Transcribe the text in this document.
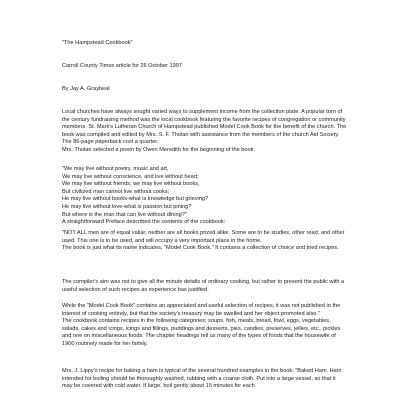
"The Hampstead Cookbook"

Carroll County Times article for 26 October 1997

By Jay A. Graybeal

Local churches have always sought varied ways to supplement income from the collection plate. A popular turn of the century fundraising method was the local cookbook featuring the favorite recipes of congregation or community members. St. Mark's Lutheran Church of Hampstead published Model Cook Book for the benefit of the church. The book was compiled and edited by Mrs. S. F. Tholan with assistance from the members of the church Aid Society. The 86-page paperback cost a quarter.

Mrs. Tholan selected a poem by Owen Meredith for the beginning of the book:

"We may live without poetry, music and art,
We may live without conscience, and live without heart;
We may live without friends; we may live without books,
But civilized man cannot live without cooks;
He may live without books-what is knowledge but grieving?
He may live without love-what is passion but pining?
But where is the man that can live without dining?"

A straightforward Preface described the contents of the cookbook:

"NOT ALL men are of equal value; neither are all books prized alike. Some are to be studies, other read, and other used. This one is to be used, and will occupy a very important place in the home.

The book is just what its name indicates, "Model Cook Book." It contains a collection of choice and tried recipes.

The compiler's aim was not to give all the minute details of ordinary cooking, but rather to present the public with a useful selection of such recipes as experience has justified.

While the "Model Cook Book" contains an appreciated and useful selection of recipes, it was not published in the interest of cooking entirely, but that the society's treasury may be swelled and her object promoted also."

The cookbook contains recipes in the following categories; soups, fish, meats, bread, fowl, eggs, vegetables, salads, cakes and icings, icings and fillings, puddings and desserts, pies, candies, preserves, jellies, etc., pickles and one on miscellaneous foods. The chapter headings tell us many of the types of foods that the housewife of 1900 routinely made for her family.

Mrs. J. Lippy's recipe for baking a ham is typical of the several hundred examples in the book: "Baked Ham. Ham intended for boiling should be thoroughly washed, rubbing with a coarse cloth. Put into a large vessel, so that it may be covered with cold water. If large, boil gently about 15 minutes for each
